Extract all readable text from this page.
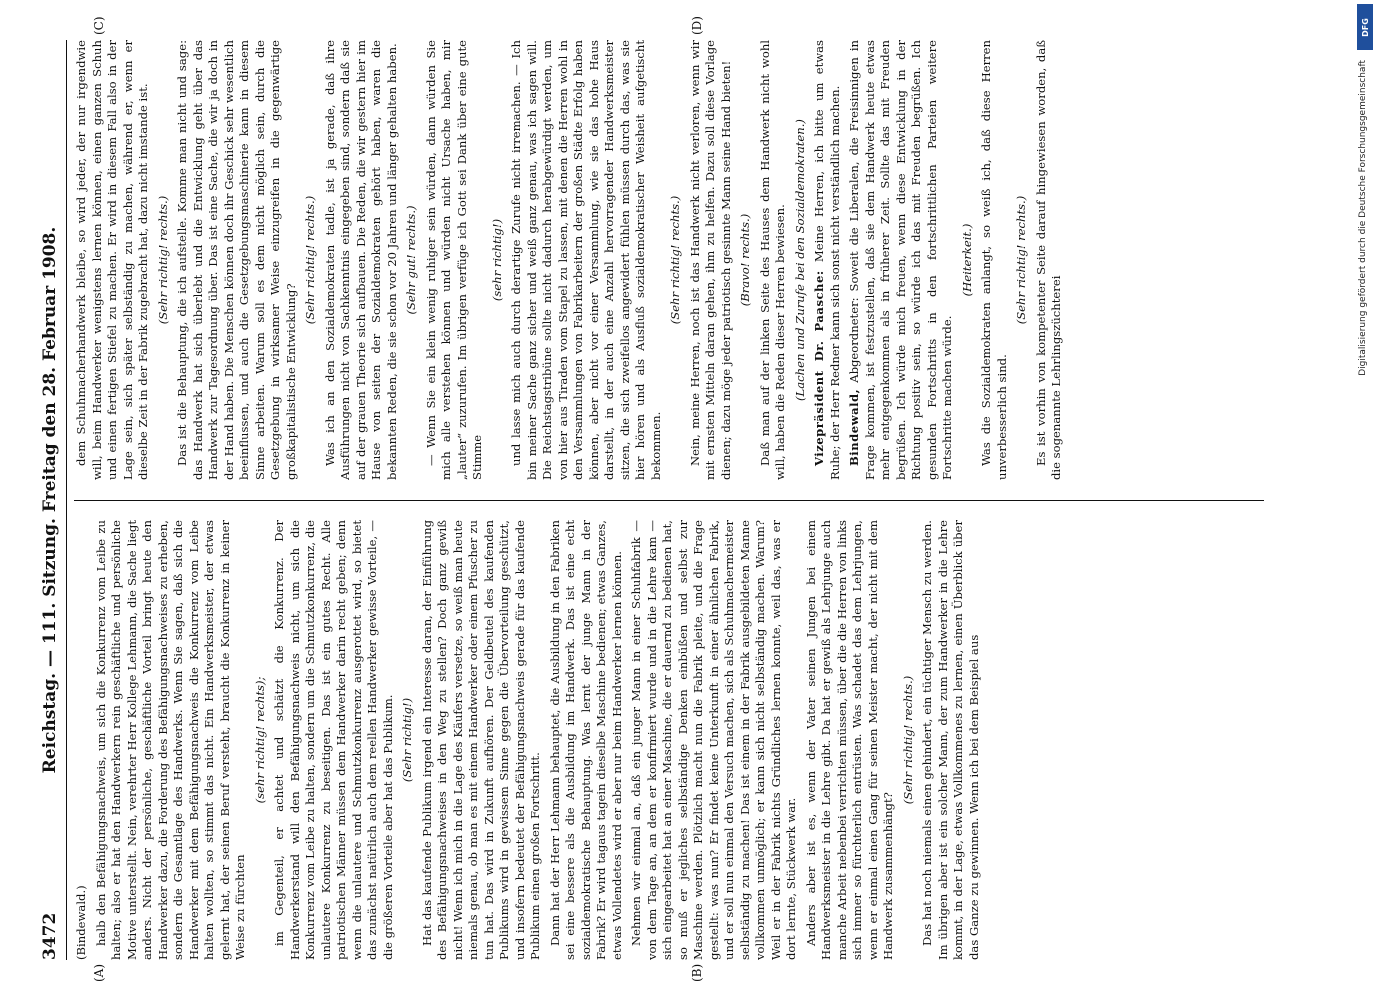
3472
Reichstag. — 111. Sitzung. Freitag den 28. Februar 1908.
(A)	(B)
(C)	(D)

(Bindewald.) halb den Befähigungsnachweis, um sich die Konkurrenz vom Leibe zu halten; also er hat den Handwerkern rein geschäftliche und persönliche Motive unterstellt. Nein, verehrter Herr Kollege Lehmann, die Sache liegt anders. Nicht der persönliche, geschäftliche Vorteil bringt heute den Handwerker dazu, die Forderung des Befähigungsnachweises zu erheben, sondern die Gesamtlage des Handwerks. Wenn Sie sagen, daß sich die Handwerker mit dem Befähigungsnachweis die Konkurrenz vom Leibe halten wollten, so stimmt das nicht. Ein Handwerksmeister, der etwas gelernt hat, der seinen Beruf versteht, braucht die Konkurrenz in keiner Weise zu fürchten

(sehr richtig! rechts); im Gegenteil, er achtet und schätzt die Konkurrenz. Der Handwerkerstand will den Befähigungsnachweis nicht, um sich die Konkurrenz vom Leibe zu halten, sondern um die Schmutzkonkurrenz, die unlautere Konkurrenz zu beseitigen. Das ist ein gutes Recht. Alle patriotischen Männer müssen dem Handwerker darin recht geben; denn wenn die unlautere und Schmutzkonkurrenz ausgerottet wird, so bietet das zunächst natürlich auch dem reellen Handwerker gewisse Vorteile, — die größeren Vorteile aber hat das Publikum. (Sehr richtig!) Hat das kaufende Publikum irgend ein Interesse daran, der Einführung des Befähigungsnachweises in den Weg zu stellen? Doch ganz gewiß nicht! Wenn ich mich in die Lage des Käufers versetze, so weiß man heute niemals genau, ob man es mit einem Handwerker oder einem Pfuscher zu tun hat. Das wird in Zukunft aufhören. Der Geldbeutel des kaufenden Publikums wird in gewissem Sinne gegen die Übervorteilung geschützt, und insofern bedeutet der Befähigungsnachweis gerade für das kaufende Publikum einen großen Fortschritt. Dann hat der Herr Lehmann behauptet, die Ausbildung in den Fabriken sei eine bessere als die Ausbildung im Handwerk. Das ist eine echt sozialdemokratische Behauptung. Was lernt der junge Mann in der Fabrik? Er wird tagaus tagein dieselbe Maschine bedienen; etwas Ganzes, etwas Vollendetes wird er aber nur beim Handwerker lernen können. Nehmen wir einmal an, daß ein junger Mann in einer Schuhfabrik — von dem Tage an, an dem er konfirmiert wurde und in die Lehre kam — sich eingearbeitet hat an einer Maschine, die er dauernd zu bedienen hat, so muß er jegliches selbständige Denken einbüßen und selbst zur Maschine werden. Plötzlich macht nun die Fabrik pleite, und die Frage gestellt: was nun? Er findet keine Unterkunft in einer ähnlichen Fabrik, und er soll nun einmal den Versuch machen, sich als Schuhmachermeister selbständig zu machen! Das ist einem in der Fabrik ausgebildeten Manne vollkommen unmöglich; er kann sich nicht selbständig machen. Warum? Weil er in der Fabrik nichts Gründliches lernen konnte, weil das, was er dort lernte, Stückwerk war. Anders aber ist es, wenn der Vater seinen Jungen bei einem Handwerksmeister in die Lehre gibt. Da hat er gewiß als Lehrjunge auch manche Arbeit nebenbei verrichten müssen, über die die Herren von links sich immer so fürchterlich entrüsten. Was schadet das dem Lehrjungen, wenn er einmal einen Gang für seinen Meister macht, der nicht mit dem Handwerk zusammenhängt?

(Sehr richtig! rechts.) Das hat noch niemals einen gehindert, ein tüchtiger Mensch zu werden. Im übrigen aber ist ein solcher Mann, der zum Handwerker in die Lehre kommt, in der Lage, etwas Vollkommenes zu lernen, einen Überblick über das Ganze zu gewinnen. Wenn ich bei dem Beispiel aus

dem Schuhmacherhandwerk bleibe, so wird jeder, der nur irgendwie will, beim Handwerker wenigstens lernen können, einen ganzen Schuh und einen fertigen Stiefel zu machen. Er wird in diesem Fall also in der Lage sein, sich später selbständig zu machen, während er, wenn er dieselbe Zeit in der Fabrik zugebracht hat, dazu nicht imstande ist. (Sehr richtig! rechts.) Das ist die Behauptung, die ich aufstelle. Komme man nicht und sage: das Handwerk hat sich überlebt und die Entwicklung geht über das Handwerk zur Tagesordnung über. Das ist eine Sache, die wir ja doch in der Hand haben. Die Menschen können doch ihr Geschick sehr wesentlich beeinflussen, und auch die Gesetzgebungsmaschinerie kann in diesem Sinne arbeiten. Warum soll es dem nicht möglich sein, durch die Gesetzgebung in wirksamer Weise einzugreifen in die gegenwärtige großkapitalistische Entwicklung?

(Sehr richtig! rechts.) Was ich an den Sozialdemokraten tadle, ist ja gerade, daß ihre Ausführungen nicht von Sachkenntnis eingegeben sind, sondern daß sie auf der grauen Theorie sich aufbauen. Die Reden, die wir gestern hier im Hause von seiten der Sozialdemokraten gehört haben, waren die bekannten Reden, die sie schon vor 20 Jahren und länger gehalten haben. (Sehr gut! rechts.) — Wenn Sie ein klein wenig ruhiger sein würden, dann würden Sie mich alle verstehen können und würden nicht Ursache haben, mir „lauter“ zuzurufen. Im übrigen verfüge ich Gott sei Dank über eine gute Stimme

(sehr richtig!) und lasse mich auch durch derartige Zurufe nicht irremachen. — Ich bin meiner Sache ganz sicher und weiß ganz genau, was ich sagen will. Die Reichstagstribüne sollte nicht dadurch herabgewürdigt werden, um von hier aus Tiraden vom Stapel zu lassen, mit denen die Herren wohl in den Versammlungen von Fabrikarbeitern der großen Städte Erfolg haben können, aber nicht vor einer Versammlung, wie sie das hohe Haus darstellt, in der auch eine Anzahl hervorragender Handwerksmeister sitzen, die sich zweifellos angewidert fühlen müssen durch das, was sie hier hören und als Ausfluß sozialdemokratischer Weisheit aufgetischt bekommen.

(Sehr richtig! rechts.) Nein, meine Herren, noch ist das Handwerk nicht verloren, wenn wir mit ernsten Mitteln daran gehen, ihm zu helfen. Dazu soll diese Vorlage dienen; dazu möge jeder patriotisch gesinnte Mann seine Hand bieten! (Bravo! rechts.) Daß man auf der linken Seite des Hauses dem Handwerk nicht wohl will, haben die Reden dieser Herren bewiesen. (Lachen und Zurufe bei den Sozialdemokraten.) Vizepräsident Dr. Paasche: Meine Herren, ich bitte um etwas Ruhe; der Herr Redner kann sich sonst nicht verständlich machen. Bindewald, Abgeordneter: Soweit die Liberalen, die Freisinnigen in Frage kommen, ist festzustellen, daß sie dem Handwerk heute etwas mehr entgegenkommen als in früherer Zeit. Sollte das mit Freuden begrüßen. Ich würde mich freuen, wenn diese Entwicklung in der Richtung positiv sein, so würde ich das mit Freuden begrüßen. Ich gesunden Fortschritts in den fortschrittlichen Parteien weitere Fortschritte machen würde.

(Heiterkeit.) Was die Sozialdemokraten anlangt, so weiß ich, daß diese Herren unverbesserlich sind.

(Sehr richtig! rechts.) Es ist vorhin von kompetenter Seite darauf hingewiesen worden, daß die sogenannte Lehrlingszüchterei

DFG
Digitalisierung gefördert durch die Deutsche Forschungsgemeinschaft
